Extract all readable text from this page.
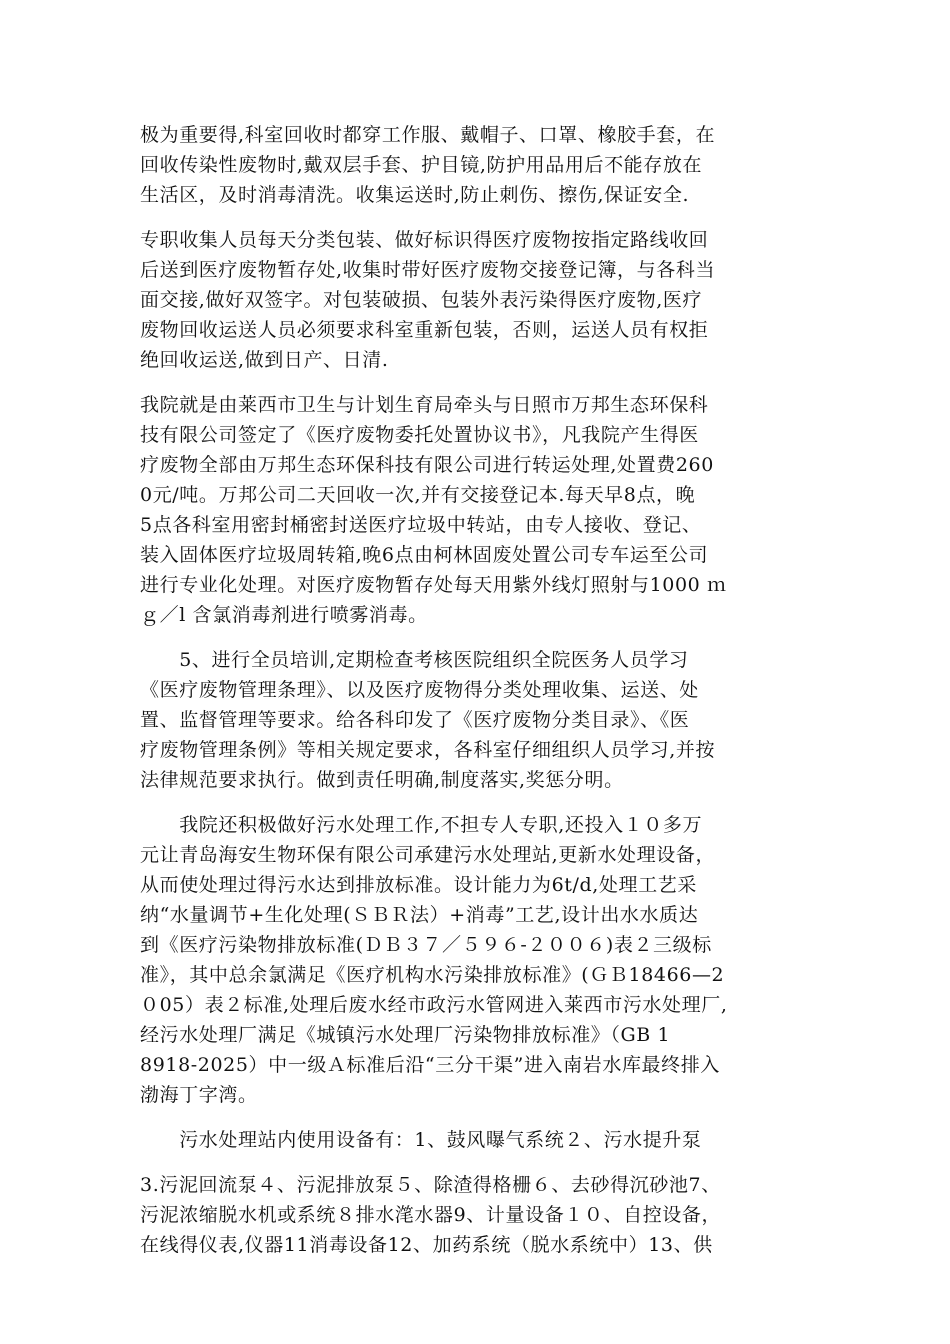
极为重要得,科室回收时都穿工作服、戴帽子、口罩、橡胶手套，在
回收传染性废物时,戴双层手套、护目镜,防护用品用后不能存放在
生活区，及时消毒清洗。收集运送时,防止刺伤、擦伤,保证安全.
专职收集人员每天分类包装、做好标识得医疗废物按指定路线收回
后送到医疗废物暂存处,收集时带好医疗废物交接登记簿，与各科当
面交接,做好双签字。对包装破损、包装外表污染得医疗废物,医疗
废物回收运送人员必须要求科室重新包装，否则，运送人员有权拒
绝回收运送,做到日产、日清.
我院就是由莱西市卫生与计划生育局牵头与日照市万邦生态环保科
技有限公司签定了《医疗废物委托处置协议书》，凡我院产生得医
疗废物全部由万邦生态环保科技有限公司进行转运处理,处置费260
0元/吨。万邦公司二天回收一次,并有交接登记本.每天早8点，晚
5点各科室用密封桶密封送医疗垃圾中转站，由专人接收、登记、
装入固体医疗垃圾周转箱,晚6点由柯林固废处置公司专车运至公司
进行专业化处理。对医疗废物暂存处每天用紫外线灯照射与1000 ｍ
ｇ／l 含氯消毒剂进行喷雾消毒。
　　5、进行全员培训,定期检查考核医院组织全院医务人员学习
《医疗废物管理条理》、以及医疗废物得分类处理收集、运送、处
置、监督管理等要求。给各科印发了《医疗废物分类目录》、《医
疗废物管理条例》等相关规定要求，各科室仔细组织人员学习,并按
法律规范要求执行。做到责任明确,制度落实,奖惩分明。
　　我院还积极做好污水处理工作,不担专人专职,还投入１０多万
元让青岛海安生物环保有限公司承建污水处理站,更新水处理设备，
从而使处理过得污水达到排放标准。设计能力为6t/d,处理工艺采
纳“水量调节+生化处理(ＳＢＲ法）+消毒”工艺,设计出水水质达
到《医疗污染物排放标准(ＤＢ３７／５９６-２００６)表２三级标
准》，其中总余氯满足《医疗机构水污染排放标准》(ＧＢ18466—2
０05）表２标准,处理后废水经市政污水管网进入莱西市污水处理厂,
经污水处理厂满足《城镇污水处理厂污染物排放标准》（GB 1
8918-2025）中一级Ａ标准后沿“三分干渠”进入南岩水库最终排入
渤海丁字湾。
　　污水处理站内使用设备有：1、鼓风曝气系统２、污水提升泵
3.污泥回流泵４、污泥排放泵５、除渣得格栅６、去砂得沉砂池7、
污泥浓缩脱水机或系统８排水滗水器9、计量设备１０、自控设备，
在线得仪表,仪器11消毒设备12、加药系统（脱水系统中）13、供
